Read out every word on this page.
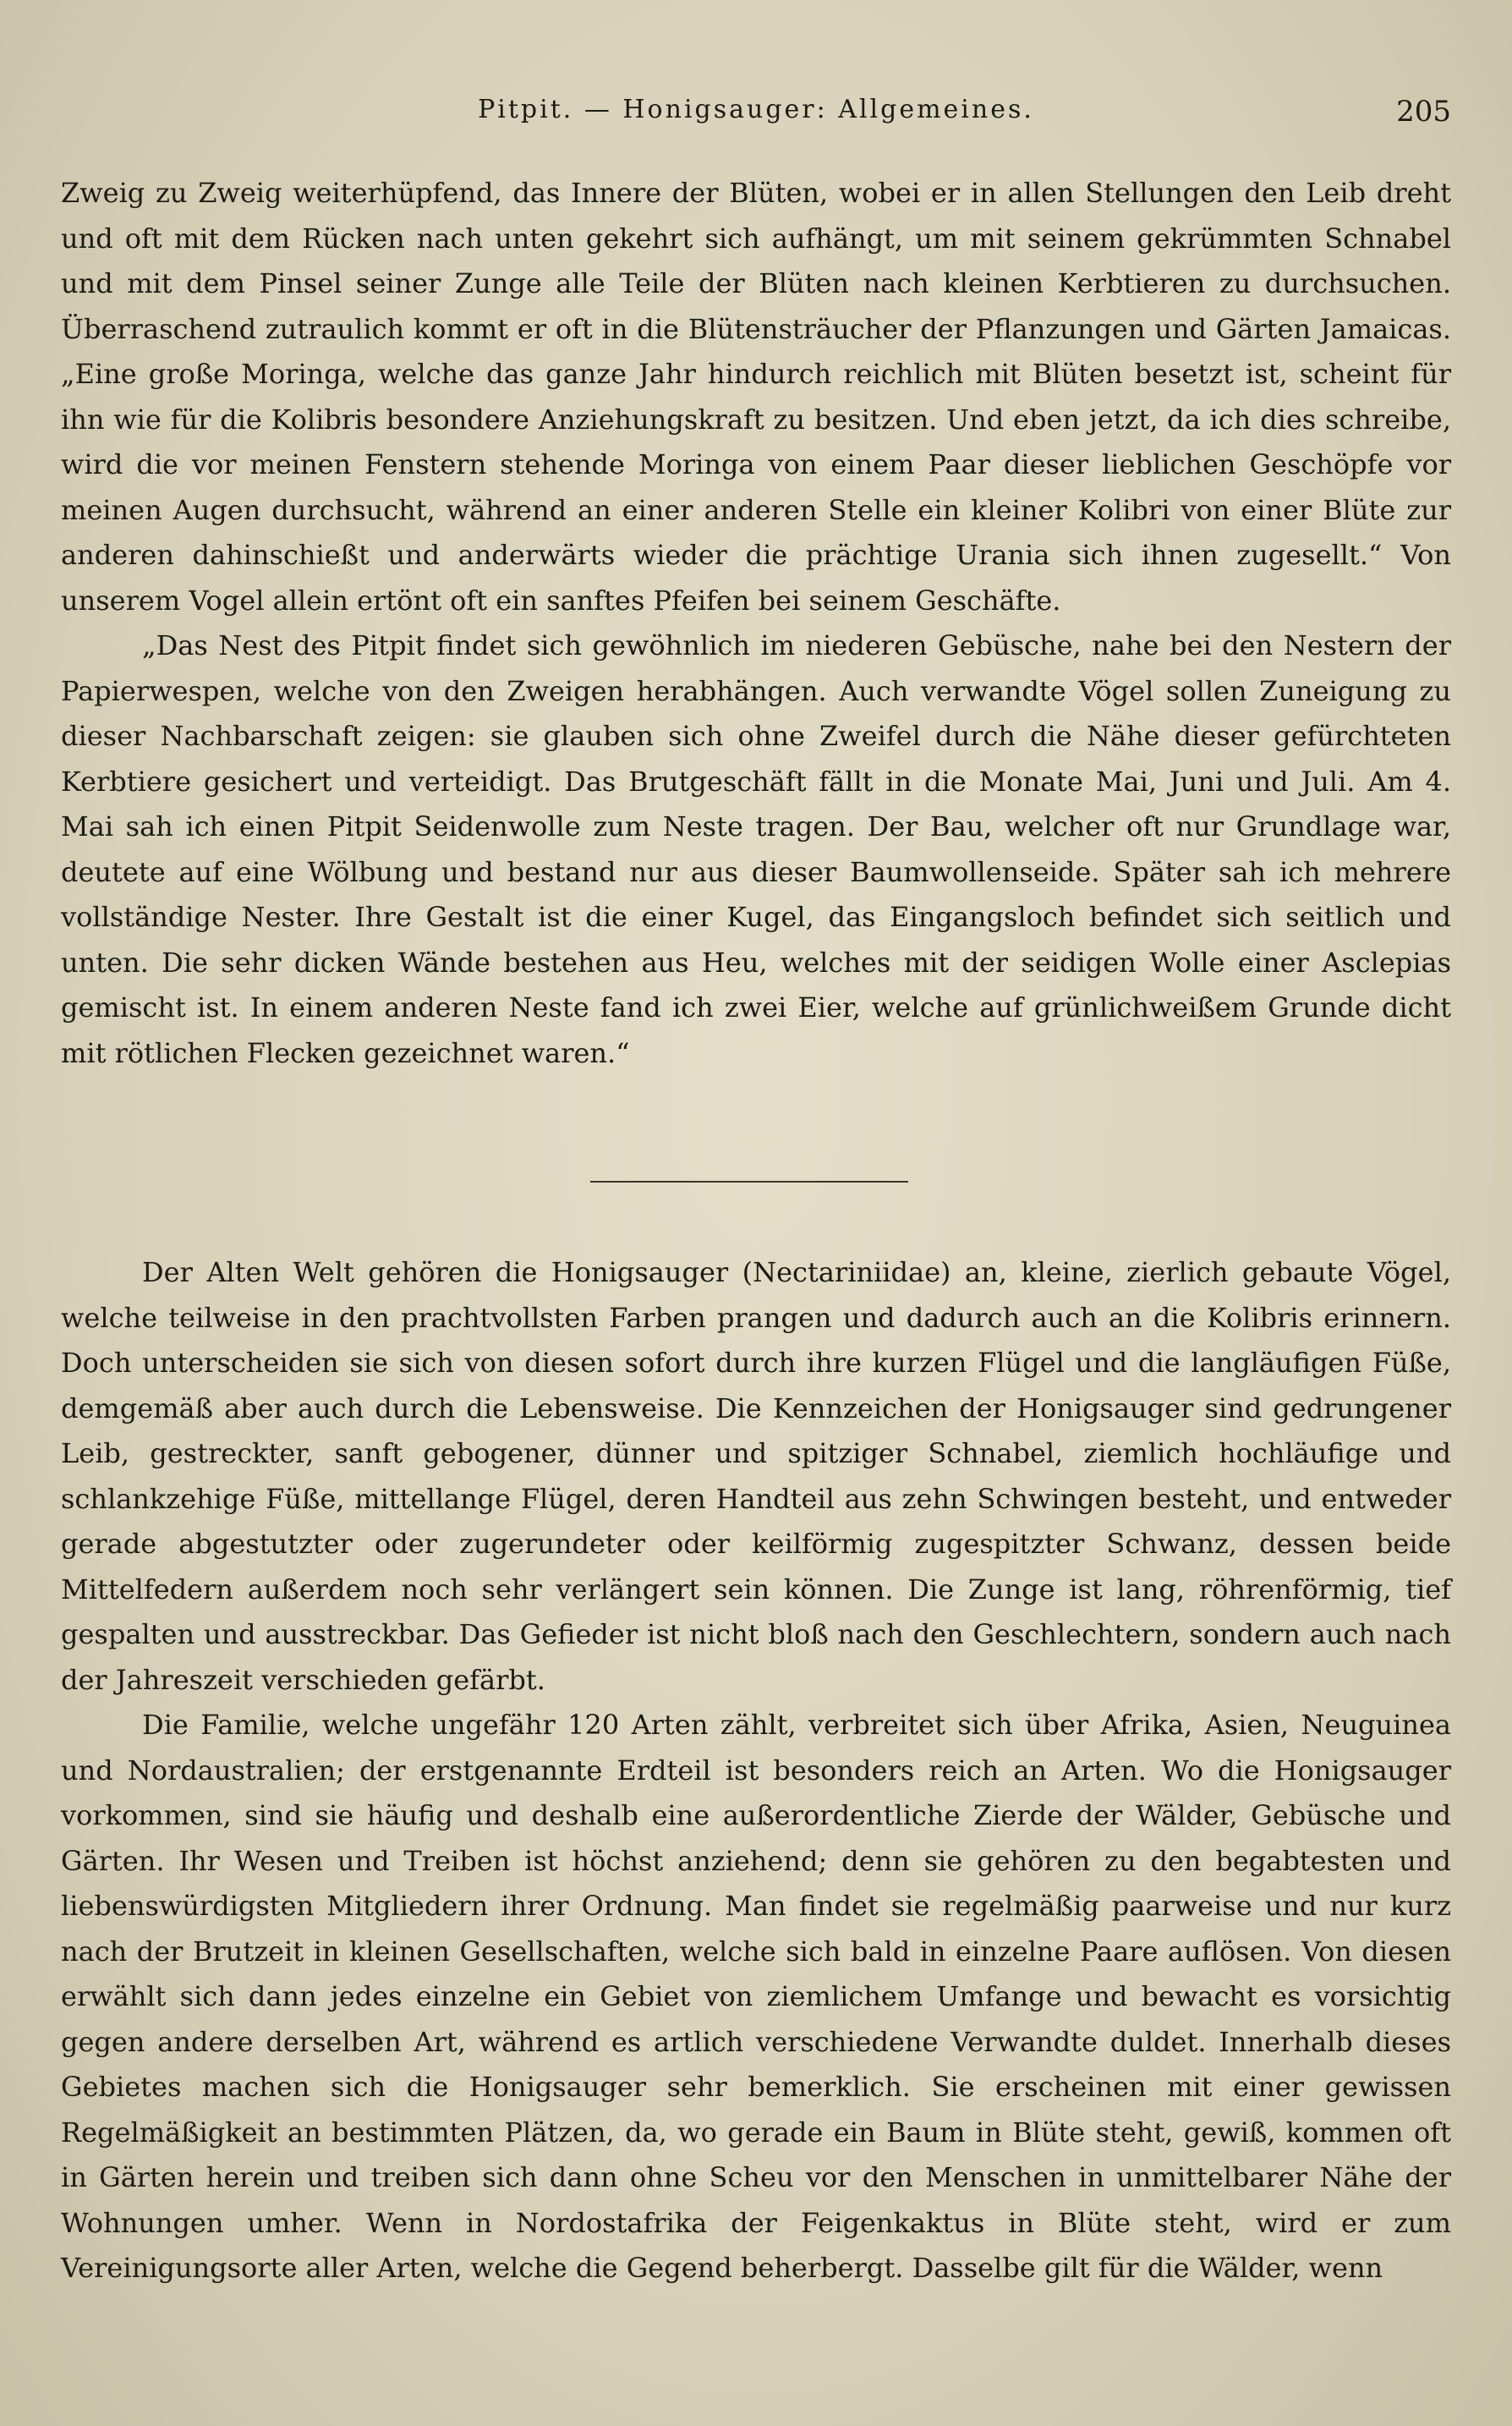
Pitpit. — Honigsauger: Allgemeines.	205

Zweig zu Zweig weiterhüpfend, das Innere der Blüten, wobei er in allen Stellungen den Leib dreht und oft mit dem Rücken nach unten gekehrt sich aufhängt, um mit seinem gekrümmten Schnabel und mit dem Pinsel seiner Zunge alle Teile der Blüten nach kleinen Kerbtieren zu durchsuchen. Überraschend zutraulich kommt er oft in die Blütensträucher der Pflanzungen und Gärten Jamaicas. „Eine große Moringa, welche das ganze Jahr hindurch reichlich mit Blüten besetzt ist, scheint für ihn wie für die Kolibris besondere Anziehungskraft zu besitzen. Und eben jetzt, da ich dies schreibe, wird die vor meinen Fenstern stehende Moringa von einem Paar dieser lieblichen Geschöpfe vor meinen Augen durchsucht, während an einer anderen Stelle ein kleiner Kolibri von einer Blüte zur anderen dahinschießt und anderwärts wieder die prächtige Urania sich ihnen zugesellt.“ Von unserem Vogel allein ertönt oft ein sanftes Pfeifen bei seinem Geschäfte.

„Das Nest des Pitpit findet sich gewöhnlich im niederen Gebüsche, nahe bei den Nestern der Papierwespen, welche von den Zweigen herabhängen. Auch verwandte Vögel sollen Zuneigung zu dieser Nachbarschaft zeigen: sie glauben sich ohne Zweifel durch die Nähe dieser gefürchteten Kerbtiere gesichert und verteidigt. Das Brutgeschäft fällt in die Monate Mai, Juni und Juli. Am 4. Mai sah ich einen Pitpit Seidenwolle zum Neste tragen. Der Bau, welcher oft nur Grundlage war, deutete auf eine Wölbung und bestand nur aus dieser Baumwollenseide. Später sah ich mehrere vollständige Nester. Ihre Gestalt ist die einer Kugel, das Eingangsloch befindet sich seitlich und unten. Die sehr dicken Wände bestehen aus Heu, welches mit der seidigen Wolle einer Asclepias gemischt ist. In einem anderen Neste fand ich zwei Eier, welche auf grünlichweißem Grunde dicht mit rötlichen Flecken gezeichnet waren.“

Der Alten Welt gehören die Honigsauger (Nectariniidae) an, kleine, zierlich gebaute Vögel, welche teilweise in den prachtvollsten Farben prangen und dadurch auch an die Kolibris erinnern. Doch unterscheiden sie sich von diesen sofort durch ihre kurzen Flügel und die langläufigen Füße, demgemäß aber auch durch die Lebensweise. Die Kennzeichen der Honigsauger sind gedrungener Leib, gestreckter, sanft gebogener, dünner und spitziger Schnabel, ziemlich hochläufige und schlankzehige Füße, mittellange Flügel, deren Handteil aus zehn Schwingen besteht, und entweder gerade abgestutzter oder zugerundeter oder keilförmig zugespitzter Schwanz, dessen beide Mittelfedern außerdem noch sehr verlängert sein können. Die Zunge ist lang, röhrenförmig, tief gespalten und ausstreckbar. Das Gefieder ist nicht bloß nach den Geschlechtern, sondern auch nach der Jahreszeit verschieden gefärbt.

Die Familie, welche ungefähr 120 Arten zählt, verbreitet sich über Afrika, Asien, Neuguinea und Nordaustralien; der erstgenannte Erdteil ist besonders reich an Arten. Wo die Honigsauger vorkommen, sind sie häufig und deshalb eine außerordentliche Zierde der Wälder, Gebüsche und Gärten. Ihr Wesen und Treiben ist höchst anziehend; denn sie gehören zu den begabtesten und liebenswürdigsten Mitgliedern ihrer Ordnung. Man findet sie regelmäßig paarweise und nur kurz nach der Brutzeit in kleinen Gesellschaften, welche sich bald in einzelne Paare auflösen. Von diesen erwählt sich dann jedes einzelne ein Gebiet von ziemlichem Umfange und bewacht es vorsichtig gegen andere derselben Art, während es artlich verschiedene Verwandte duldet. Innerhalb dieses Gebietes machen sich die Honigsauger sehr bemerklich. Sie erscheinen mit einer gewissen Regelmäßigkeit an bestimmten Plätzen, da, wo gerade ein Baum in Blüte steht, gewiß, kommen oft in Gärten herein und treiben sich dann ohne Scheu vor den Menschen in unmittelbarer Nähe der Wohnungen umher. Wenn in Nordostafrika der Feigenkaktus in Blüte steht, wird er zum Vereinigungsorte aller Arten, welche die Gegend beherbergt. Dasselbe gilt für die Wälder, wenn
